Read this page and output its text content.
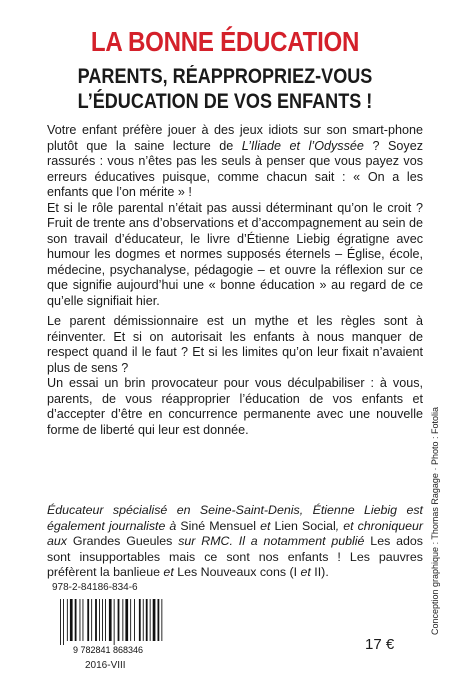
LA BONNE ÉDUCATION
PARENTS, RÉAPPROPRIEZ-VOUS
L’ÉDUCATION DE VOS ENFANTS !

Votre enfant préfère jouer à des jeux idiots sur son smart-phone plutôt que la saine lecture de L’Iliade et l’Odyssée ? Soyez rassurés : vous n’êtes pas les seuls à penser que vous payez vos erreurs éducatives puisque, comme chacun sait : « On a les enfants que l’on mérite » !

Et si le rôle parental n’était pas aussi déterminant qu’on le croit ? Fruit de trente ans d’observations et d’accompagnement au sein de son travail d’éducateur, le livre d’Étienne Liebig égratigne avec humour les dogmes et normes supposés éternels – Église, école, médecine, psychanalyse, pédagogie – et ouvre la réflexion sur ce que signifie aujourd’hui une « bonne éducation » au regard de ce qu’elle signifiait hier.

Le parent démissionnaire est un mythe et les règles sont à réinventer. Et si on autorisait les enfants à nous manquer de respect quand il le faut ? Et si les limites qu’on leur fixait n’avaient plus de sens ?

Un essai un brin provocateur pour vous déculpabiliser : à vous, parents, de vous réapproprier l’éducation de vos enfants et d’accepter d’être en concurrence permanente avec une nouvelle forme de liberté qui leur est donnée.

Éducateur spécialisé en Seine-Saint-Denis, Étienne Liebig est également journaliste à Siné Mensuel et Lien Social, et chroniqueur aux Grandes Gueules sur RMC. Il a notamment publié Les ados sont insupportables mais ce sont nos enfants ! Les pauvres préfèrent la banlieue et Les Nouveaux cons (I et II).	Conception graphique : Thomas Ragage · Photo : Fotolia
978-2-84186-834-6
9 782841 868346
2016-VIII
17 €
